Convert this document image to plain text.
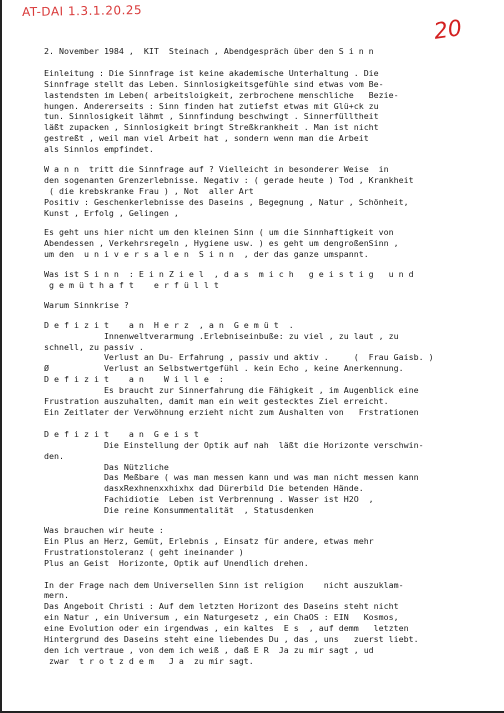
AT-DAI 1.3.1.20.25
20
2. November 1984 ,  KIT  Steinach , Abendgespräch über den S i n n
Einleitung : Die Sinnfrage ist keine akademische Unterhaltung . Die
Sinnfrage stellt das Leben. Sinnlosigkeitsgefühle sind etwas vom Be-
lastendsten im Leben( arbeitsloigkeit, zerbrochene menschliche   Bezie-
hungen. Andererseits : Sinn finden hat zutiefst etwas mit Glü+ck zu
tun. Sinnlosigkeit lähmt , Sinnfindung beschwingt . Sinnerfülltheit
läßt zupacken , Sinnlosigkeit bringt Streßkrankheit . Man ist nicht
gestreßt , weil man viel Arbeit hat , sondern wenn man die Arbeit
als Sinnlos empfindet.
W a n n  tritt die Sinnfrage auf ? Vielleicht in besonderer Weise  in
den sogenanten Grenzerlebnisse. Negativ : ( gerade heute ) Tod , Krankheit
( die krebskranke Frau ) , Not  aller Art
Positiv : Geschenkerlebnisse des Daseins , Begegnung , Natur , Schönheit,
Kunst , Erfolg , Gelingen ,
Es geht uns hier nicht um den kleinen Sinn ( um die Sinnhaftigkeit von
Abendessen , Verkehrsregeln , Hygiene usw. ) es geht um dengroßenSinn ,
um den  u n i v e r s a l e n  S i n n  , der das ganze umspannt.
Was ist S i n n  : E i n Z i e l  , d a s  m i c h   g e i s t i g   u n d
g e m ü t h a f t    e r f ü l l t
Warum Sinnkrise ?
D e f i z i t    a n  H e r z  , a n  G e m ü t  .
Innenweltverarmung .Erlebniseinbuße: zu viel , zu laut , zu
schnell, zu passiv .
Verlust an Du- Erfahrung , passiv und aktiv .     (  Frau Gaisb. )
Ø           Verlust an Selbstwertgefühl . kein Echo , keine Anerkennung.
D e f i z i t    a n    W i l l e  :
Es braucht zur Sinnerfahrung die Fähigkeit , im Augenblick eine
Frustration auszuhalten, damit man ein weit gestecktes Ziel erreicht.
Ein Zeitlater der Verwöhnung erzieht nicht zum Aushalten von   Frstrationen
D e f i z i t    a n  G e i s t
Die Einstellung der Optik auf nah  läßt die Horizonte verschwin-
den.
Das Nützliche
Das Meßbare ( was man messen kann und was man nicht messen kann
dasxRexhnenxxhixhx dad Dürerbild Die betenden Hände.
Fachidiotie  Leben ist Verbrennung . Wasser ist H2O  ,
Die reine Konsummentalität  , Statusdenken
Was brauchen wir heute :
Ein Plus an Herz, Gemüt, Erlebnis , Einsatz für andere, etwas mehr
Frustrationstoleranz ( geht ineinander )
Plus an Geist  Horizonte, Optik auf Unendlich drehen.
In der Frage nach dem Universellen Sinn ist religion    nicht auszuklam-
mern.
Das Angeboit Christi : Auf dem letzten Horizont des Daseins steht nicht
ein Natur , ein Universum , ein Naturgesetz , ein ChaOS : EIN   Kosmos,
eine Evolution oder ein irgendwas , ein kaltes  E s  , auf demm   letzten
Hintergrund des Daseins steht eine liebendes Du , das , uns   zuerst liebt.
den ich vertraue , von dem ich weiß , daß E R  Ja zu mir sagt , ud
zwar  t r o t z d e m   J a  zu mir sagt.
